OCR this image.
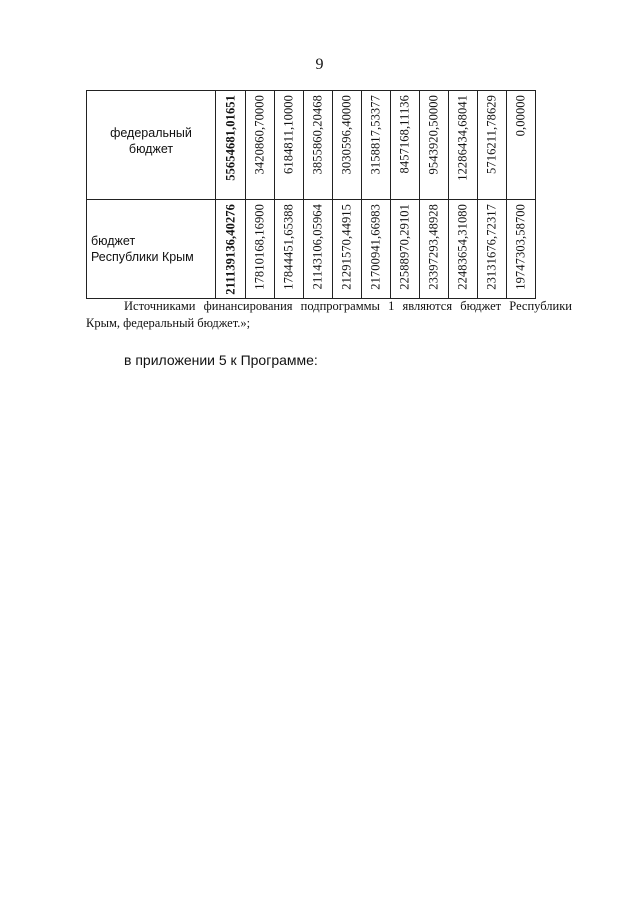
9
федеральный
бюджет	55654681,01651	3420860,70000	6184811,10000	3855860,20468	3030596,40000	3158817,53377	8457168,11136	9543920,50000	12286434,68041	5716211,78629	0,00000

бюджет
Республики Крым	211139136,40276	17810168,16900	17844451,65388	21143106,05964	21291570,44915	21700941,66983	22588970,29101	23397293,48928	22483654,31080	23131676,72317	19747303,58700
Источниками финансирования подпрограммы 1 являются бюджет Республики Крым, федеральный бюджет.»;
в приложении 5 к Программе:
